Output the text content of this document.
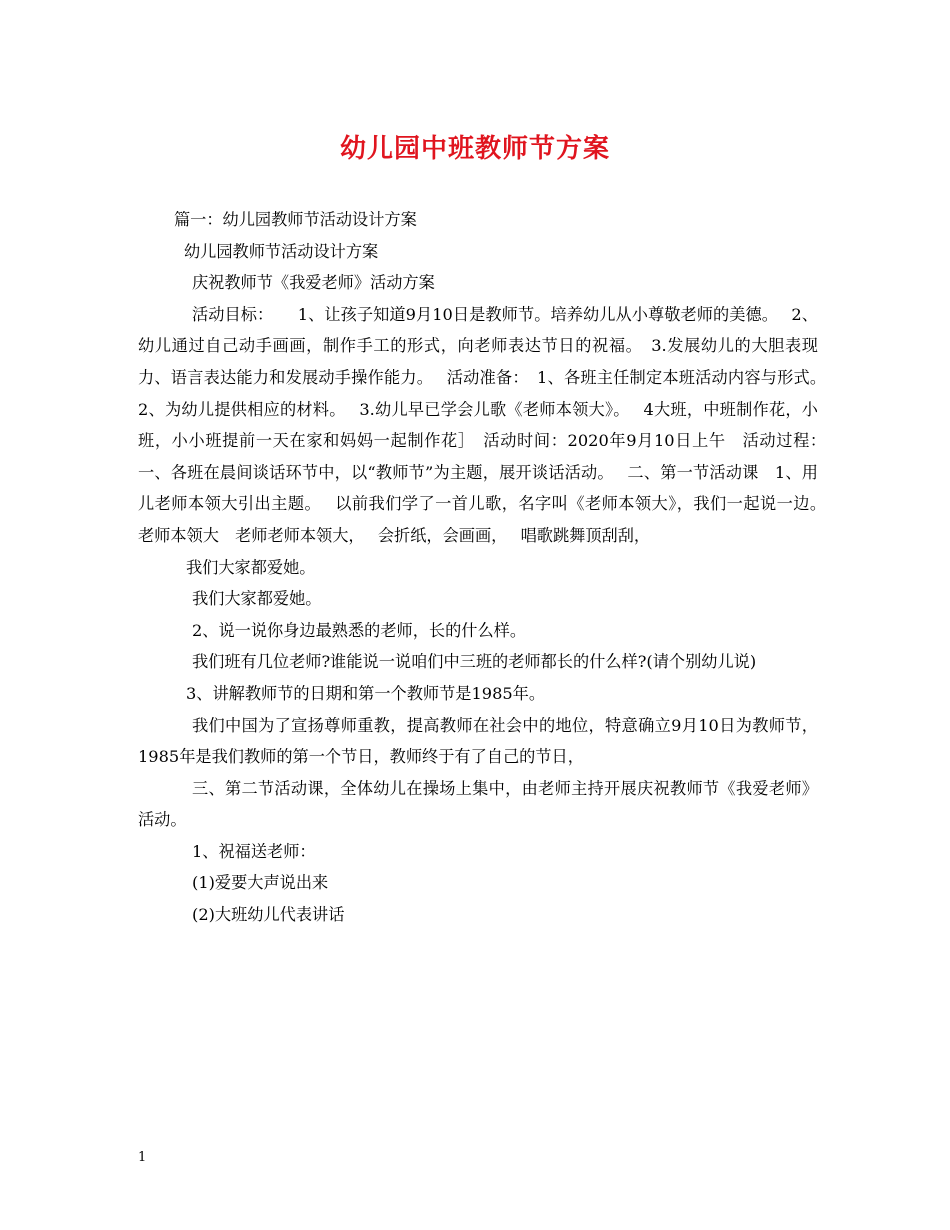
幼儿园中班教师节方案

篇一：幼儿园教师节活动设计方案

幼儿园教师节活动设计方案

庆祝教师节《我爱老师》活动方案

活动目标：　　1、让孩子知道9月10日是教师节。培养幼儿从小尊敬老师的美德。　 2、幼儿通过自己动手画画，制作手工的形式，向老师表达节日的祝福。　3.发展幼儿的大胆表现力、语言表达能力和发展动手操作能力。　 活动准备：　1、各班主任制定本班活动内容与形式。　 2、为幼儿提供相应的材料。　 3.幼儿早已学会儿歌《老师本领大》。　 4大班，中班制作花，小班，小小班提前一天在家和妈妈一起制作花］　活动时间：2020年9月10日上午　活动过程：　 一、各班在晨间谈话环节中，以“教师节”为主题，展开谈话活动。　 二、第一节活动课　1、用儿老师本领大引出主题。　 以前我们学了一首儿歌，名字叫《老师本领大》，我们一起说一边。　 老师本领大　老师老师本领大，　 会折纸，会画画，　 唱歌跳舞顶刮刮，

我们大家都爱她。

我们大家都爱她。

2、说一说你身边最熟悉的老师，长的什么样。

我们班有几位老师?谁能说一说咱们中三班的老师都长的什么样?(请个别幼儿说)

3、讲解教师节的日期和第一个教师节是1985年。

我们中国为了宣扬尊师重教，提高教师在社会中的地位，特意确立9月10日为教师节，1985年是我们教师的第一个节日，教师终于有了自己的节日，

三、第二节活动课，全体幼儿在操场上集中，由老师主持开展庆祝教师节《我爱老师》活动。

1、祝福送老师：

(1)爱要大声说出来

(2)大班幼儿代表讲话

1
